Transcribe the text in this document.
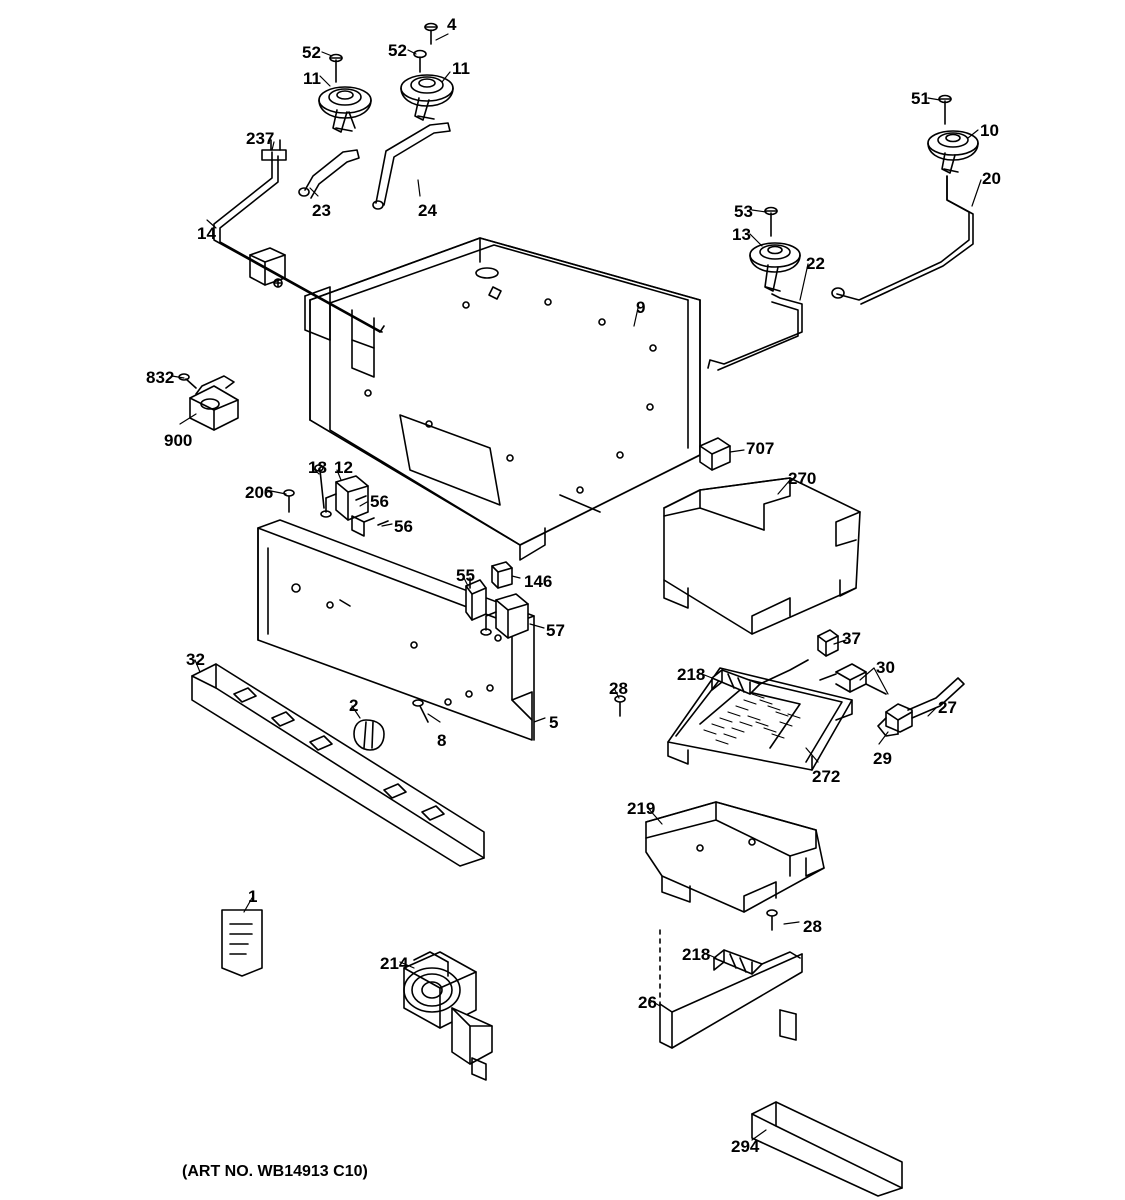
4
52	52
11
11
51
10
237
20
23	24	53
14	13
22
9
832
900	707
270
18 12
206	56
56
55	146
57	37
32
218	30
28
2	27
8
5
29
272
219
1
28
218
214
26
294
(ART NO. WB14913 C10)
